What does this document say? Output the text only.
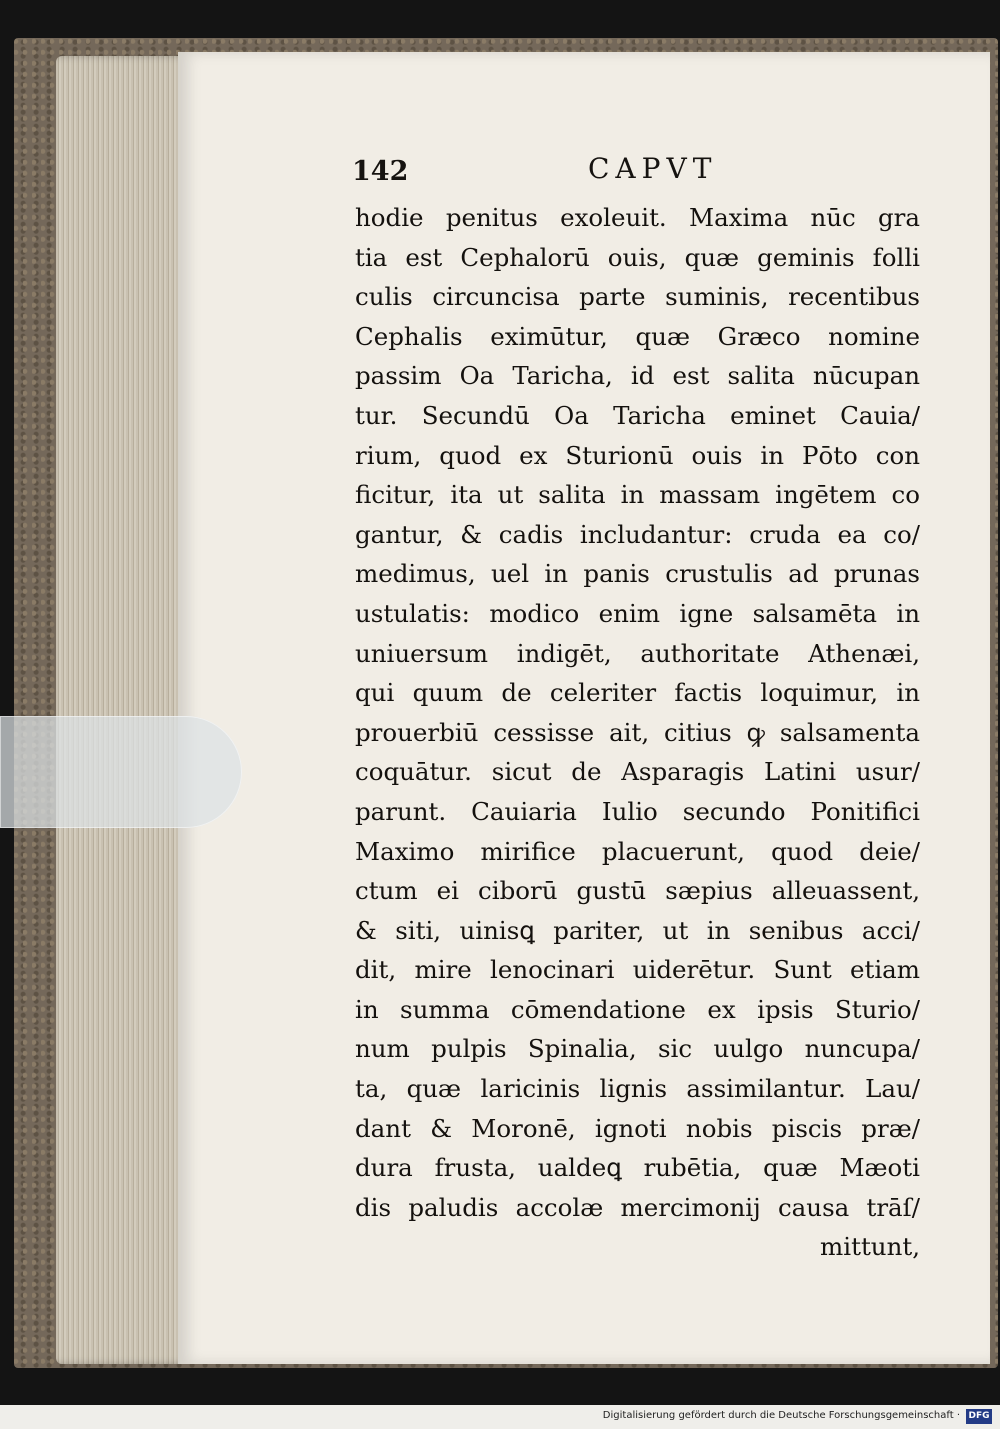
142	CAPVT
hodie penitus exoleuit. Maxima nūc gra
tia est Cephalorū ouis, quæ geminis folli
culis circuncisa parte suminis, recentibus
Cephalis eximūtur, quæ Græco nomine
passim Oa Taricha, id est salita nūcupan
tur. Secundū Oa Taricha eminet Cauia/
rium, quod ex Sturionū ouis in Pōto con
ficitur, ita ut salita in massam ingētem co
gantur, & cadis includantur: cruda ea co/
medimus, uel in panis crustulis ad prunas
ustulatis: modico enim igne salsamēta in
uniuersum indigēt, authoritate Athenæi,
qui quum de celeriter factis loquimur, in
prouerbiū cessisse ait, citius ꝙ salsamenta
coquātur. sicut de Asparagis Latini usur/
parunt. Cauiaria Iulio secundo Ponitifici
Maximo mirifice placuerunt, quod deie/
ctum ei ciborū gustū sæpius alleuassent,
& siti, uinisꝗ pariter, ut in senibus acci/
dit, mire lenocinari uiderētur. Sunt etiam
in summa cōmendatione ex ipsis Sturio/
num pulpis Spinalia, sic uulgo nuncupa/
ta, quæ laricinis lignis assimilantur. Lau/
dant & Moronē, ignoti nobis piscis præ/
dura frusta, ualdeꝗ rubētia, quæ Mæoti
dis paludis accolæ mercimonij causa trāſ/
mittunt,
Digitalisierung gefördert durch die Deutsche Forschungsgemeinschaft · DFG
